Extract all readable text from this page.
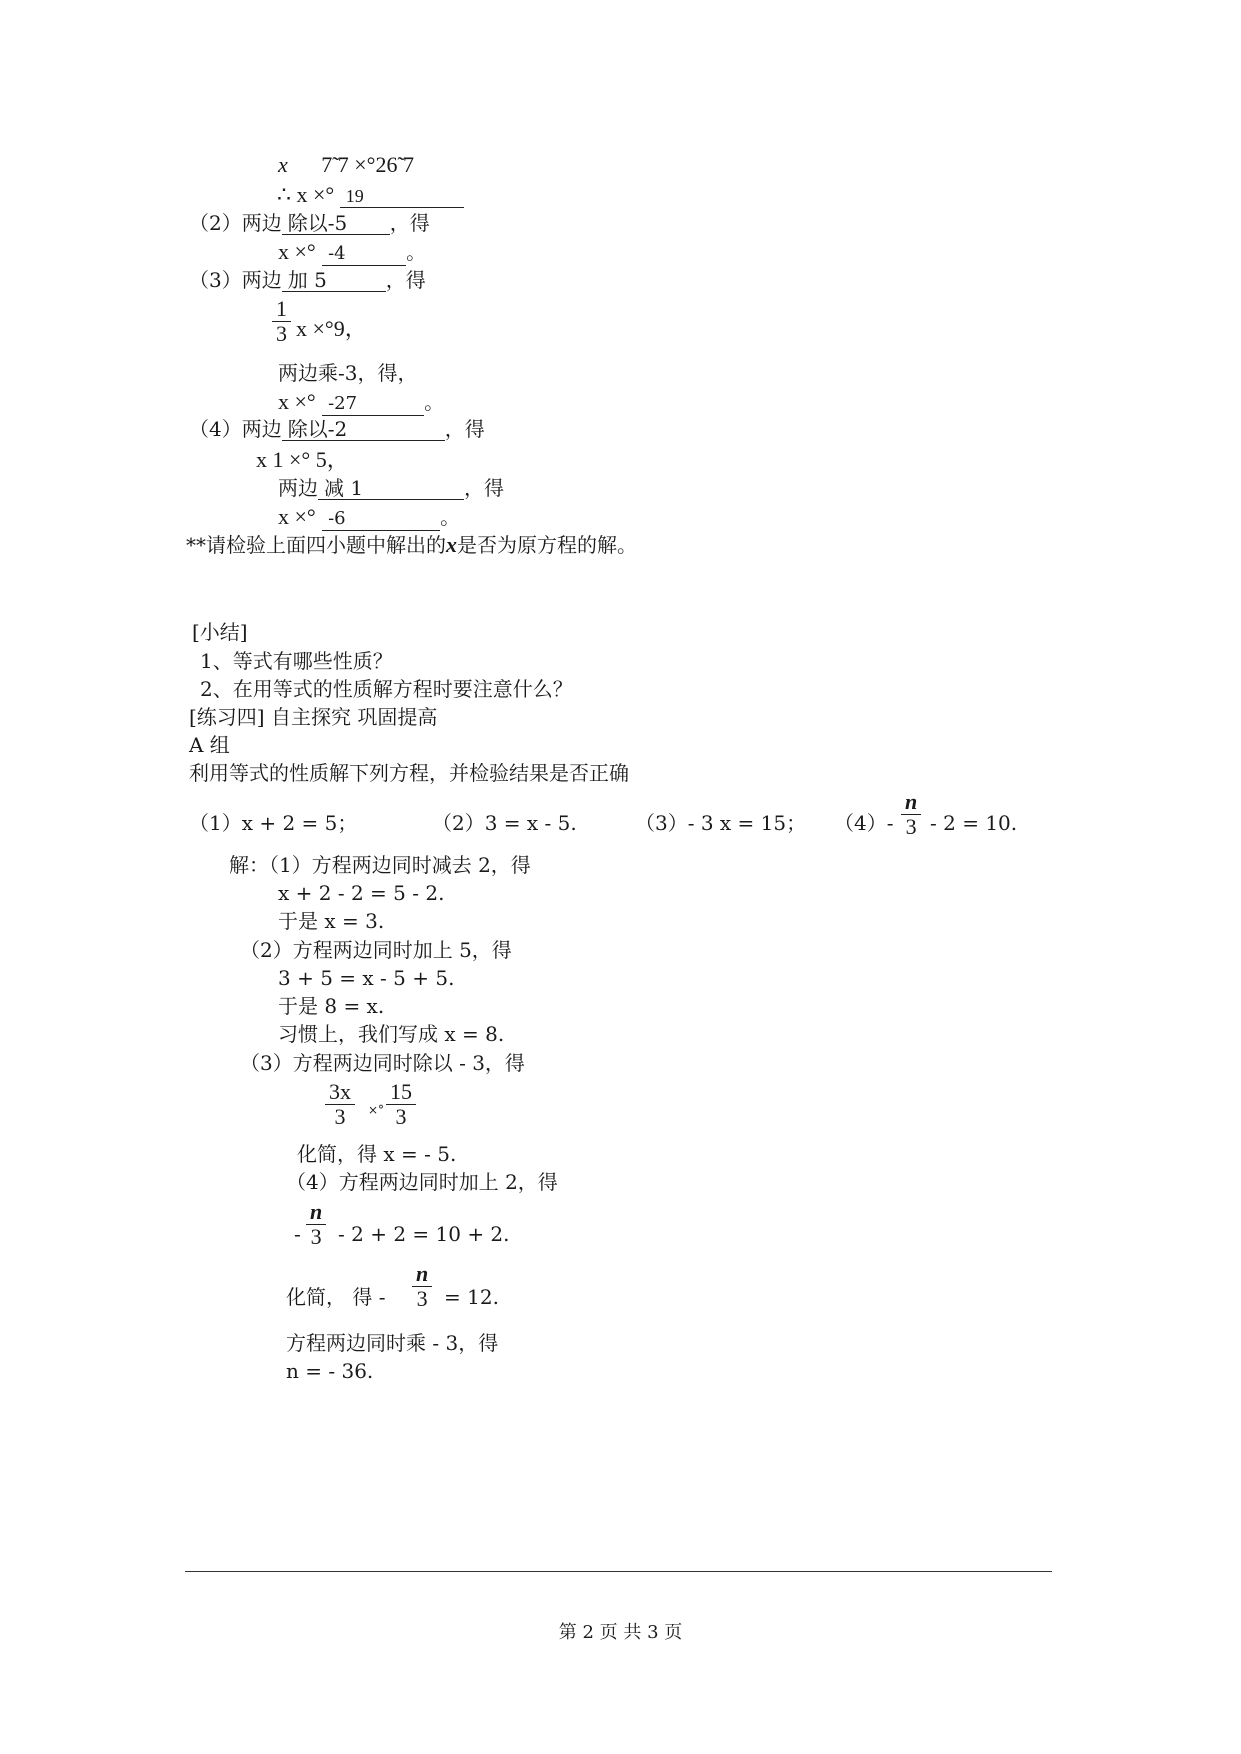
x 7̃ 7 ×°26̃ 7
∴ x ×° 19
（2）两边 除以-5 ，得
x ×° -4	。
（3）两边 加 5	，得
$\frac{1}{3}$ x ×°9，
两边乘-3，得，
x ×° -27	。
（4）两边 除以-2	，得
x 1 ×° 5，
两边 减 1	，得
x ×° -6	。
**请检验上面四小题中解出的x是否为原方程的解。
[小结]
1、等式有哪些性质？
2、在用等式的性质解方程时要注意什么？
[练习四] 自主探究 巩固提高
A 组
利用等式的性质解下列方程，并检验结果是否正确
（1）x + 2 = 5；	（2）3 = x - 5.	（3）- 3 x = 15； $(4)- \frac{n}{3} - 2 = 10$.
解：（1）方程两边同时减去 2，得
x + 2 - 2 = 5 - 2.
于是 x = 3.
（2）方程两边同时加上 5，得
3 + 5 = x - 5 + 5.
于是 8 = x.
习惯上，我们写成 x = 8.
（3）方程两边同时除以 - 3，得
$\frac{3x}{3} ^{\times^\circ} \frac{15}{3}$
化简，得 x = - 5.
（4）方程两边同时加上 2，得
- $\frac{n}{3} - 2 + 2 = 10 + 2$.
化简， 得 - $\frac{n}{3} = 12$.
方程两边同时乘 - 3，得
n = - 36.
第 2 页 共 3 页
